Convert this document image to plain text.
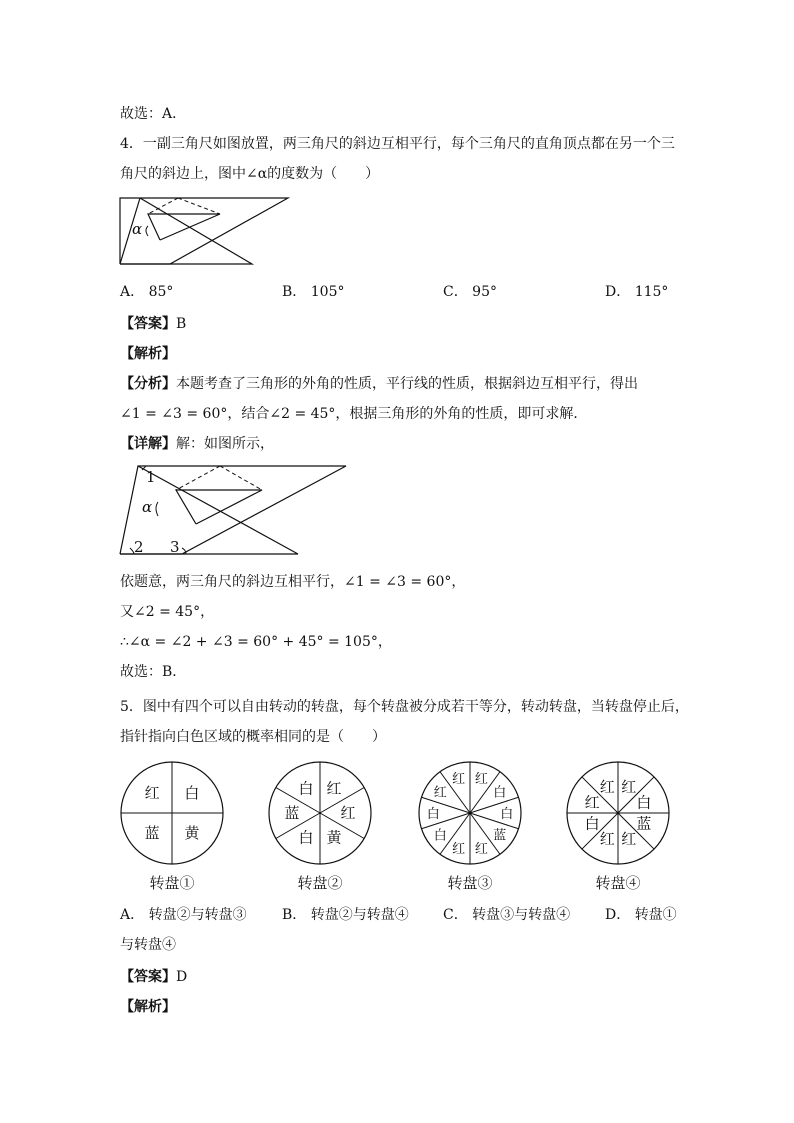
故选：A．
4．一副三角尺如图放置，两三角尺的斜边互相平行，每个三角尺的直角顶点都在另一个三
角尺的斜边上，图中∠α的度数为（　　）
α
A． 85°	B． 105°	C． 95°	D． 115°
【答案】B
【解析】
【分析】本题考查了三角形的外角的性质，平行线的性质，根据斜边互相平行，得出
∠1 = ∠3 = 60°，结合∠2 = 45°，根据三角形的外角的性质，即可求解．
【详解】解：如图所示，
1
α
2 3
依题意，两三角尺的斜边互相平行，∠1 = ∠3 = 60°，
又∠2 = 45°，
∴∠α = ∠2 + ∠3 = 60° + 45° = 105°，
故选：B．
5．图中有四个可以自由转动的转盘，每个转盘被分成若干等分，转动转盘，当转盘停止后，
指针指向白色区域的概率相同的是（　　）
白
黄
蓝
红
转盘①
红
红
黄
白
蓝
白
转盘②
红
白
白
蓝
红
红
白
白
红
红
转盘③
红
白
蓝
红
红
白
红
红
转盘④
A． 转盘②与转盘③	B． 转盘②与转盘④ C． 转盘③与转盘④ D． 转盘①
与转盘④
【答案】D
【解析】
